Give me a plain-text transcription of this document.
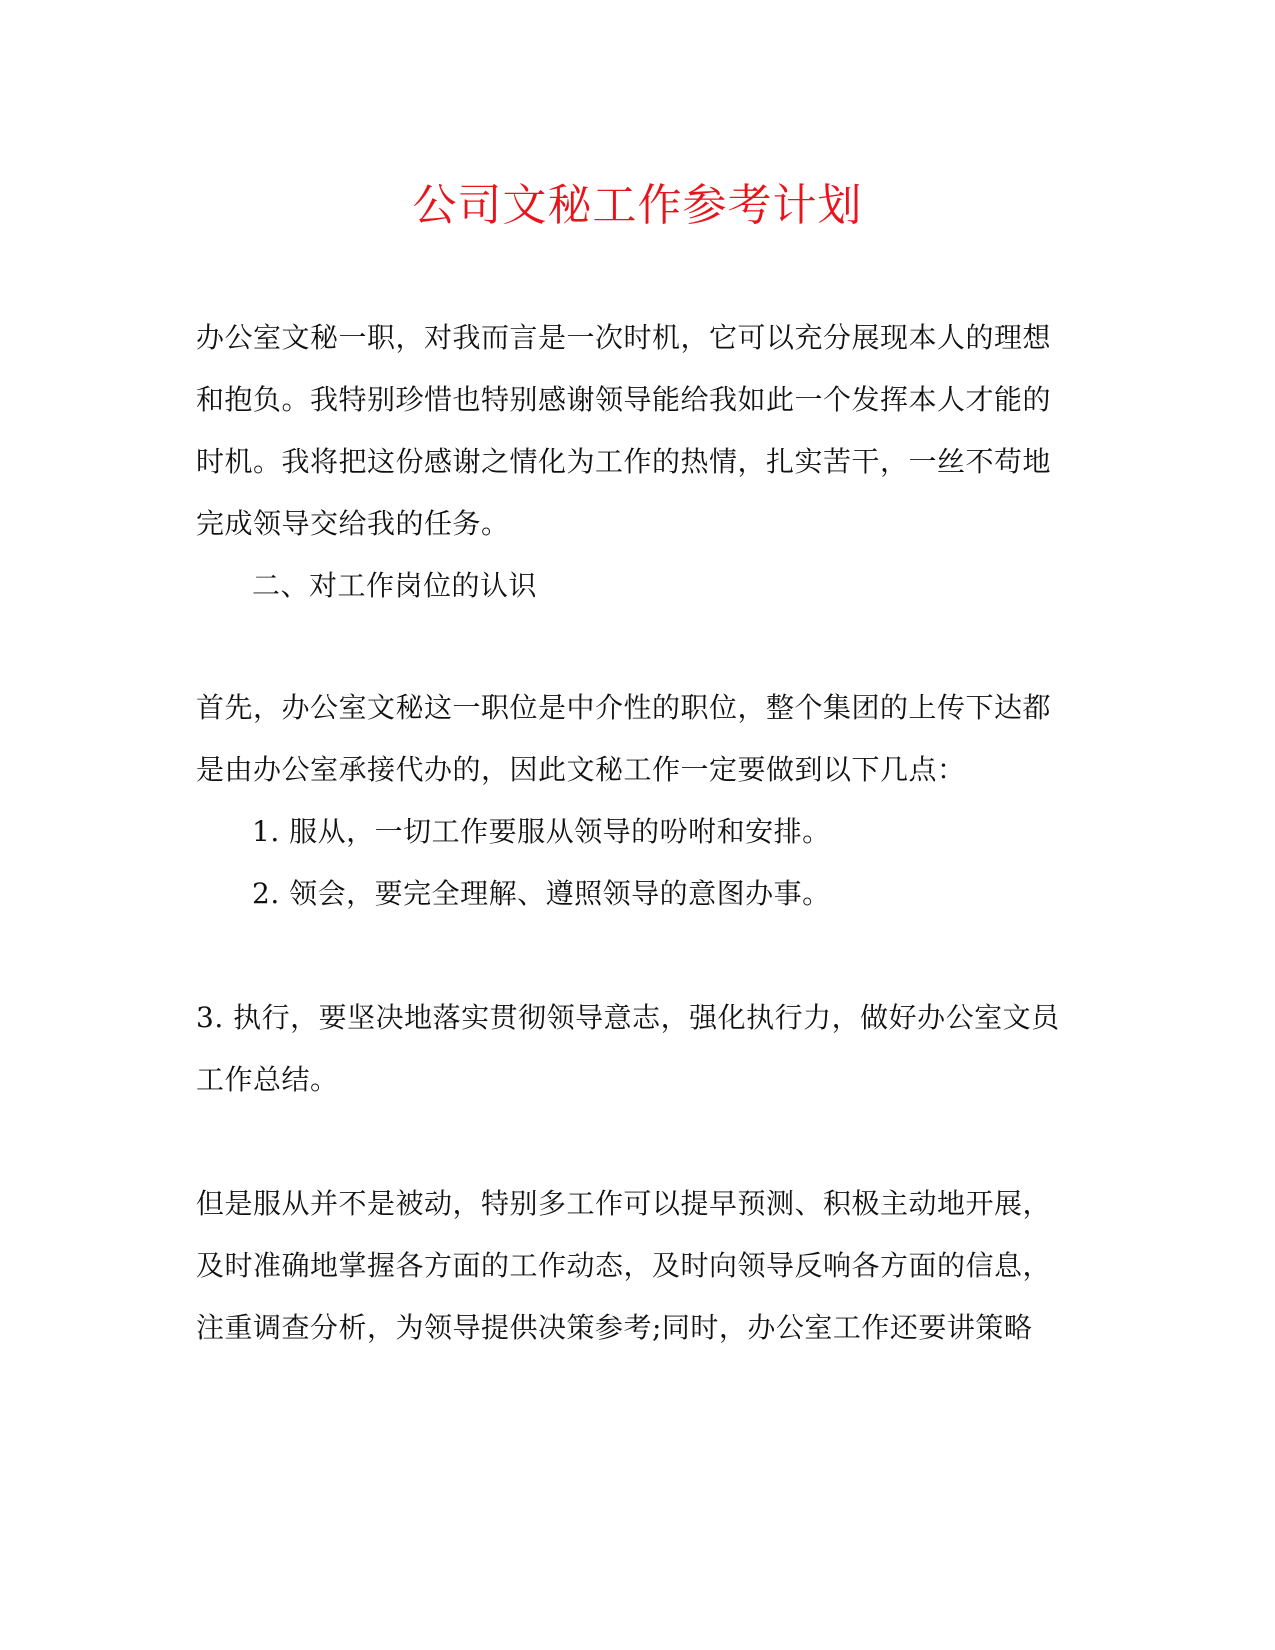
公司文秘工作参考计划
办公室文秘一职，对我而言是一次时机，它可以充分展现本人的理想
和抱负。我特别珍惜也特别感谢领导能给我如此一个发挥本人才能的
时机。我将把这份感谢之情化为工作的热情，扎实苦干，一丝不苟地
完成领导交给我的任务。
二、对工作岗位的认识
首先，办公室文秘这一职位是中介性的职位，整个集团的上传下达都
是由办公室承接代办的，因此文秘工作一定要做到以下几点：
1. 服从，一切工作要服从领导的吩咐和安排。
2. 领会，要完全理解、遵照领导的意图办事。
3. 执行，要坚决地落实贯彻领导意志，强化执行力，做好办公室文员
工作总结。
但是服从并不是被动，特别多工作可以提早预测、积极主动地开展，
及时准确地掌握各方面的工作动态，及时向领导反响各方面的信息，
注重调查分析，为领导提供决策参考;同时，办公室工作还要讲策略
